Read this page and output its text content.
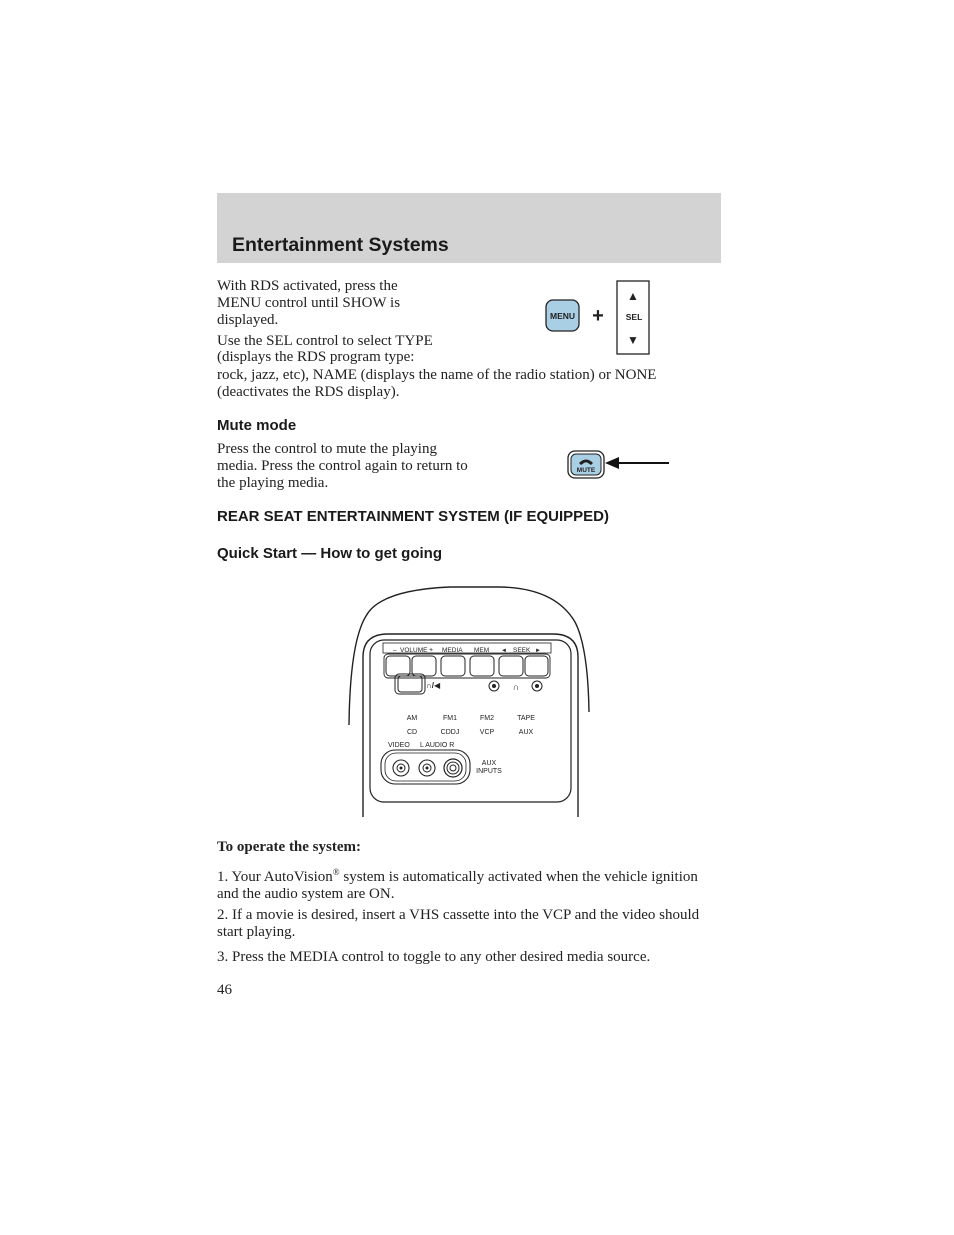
Entertainment Systems

With RDS activated, press the MENU control until SHOW is displayed.

Use the SEL control to select TYPE

(displays the RDS program type:

rock, jazz, etc), NAME (displays the name of the radio station) or NONE (deactivates the RDS display).

MENU +
▲
SEL
▼

Mute mode

Press the control to mute the playing media. Press the control again to return to the playing media.

MUTE

REAR SEAT ENTERTAINMENT SYSTEM (IF EQUIPPED)

Quick Start — How to get going

– VOLUME + MEDIA MEM ◄ SEEK ►
∩/◀	∩
AM	FM1	FM2	TAPE
CD	CDDJ	VCP	AUX
VIDEO L AUDIO R
AUX
INPUTS

To operate the system:

1. Your AutoVision® system is automatically activated when the vehicle ignition and the audio system are ON.

2. If a movie is desired, insert a VHS cassette into the VCP and the video should start playing.

3. Press the MEDIA control to toggle to any other desired media source.

46
